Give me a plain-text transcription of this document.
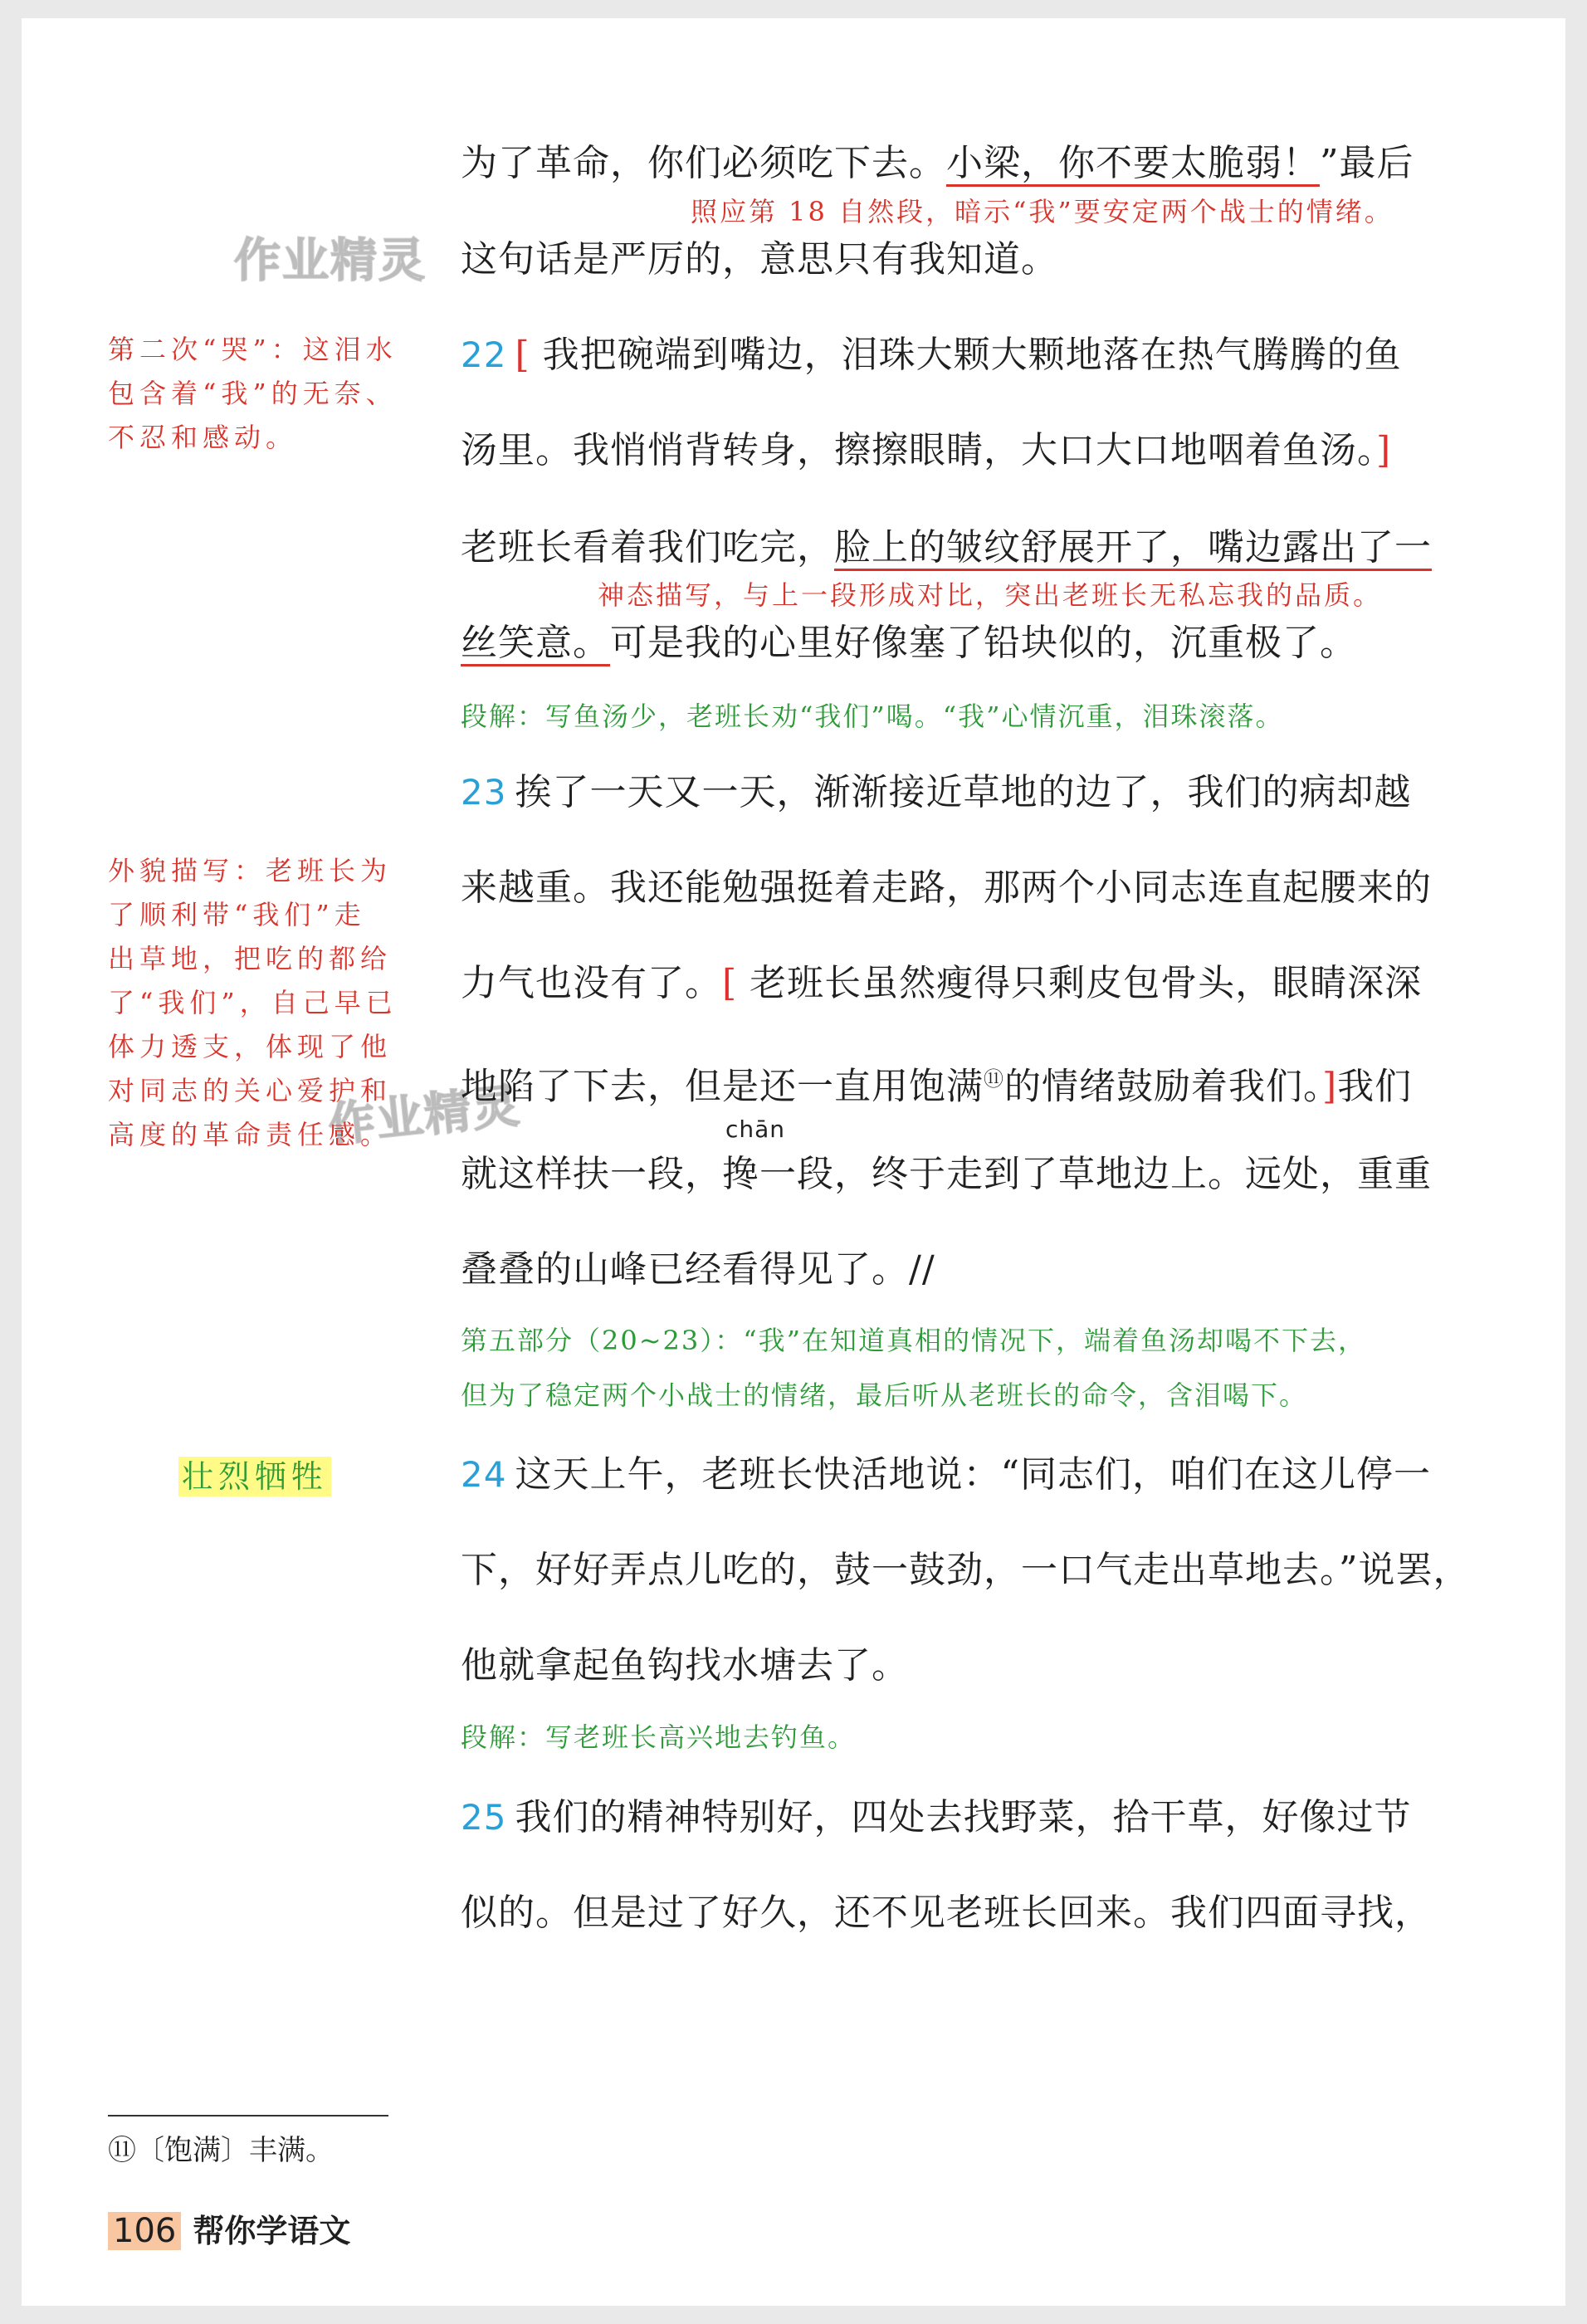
作业精灵
作业精灵
为了革命，你们必须吃下去。小梁，你不要太脆弱！”最后
照应第 18 自然段，暗示“我”要安定两个战士的情绪。
这句话是严厉的，意思只有我知道。
第二次“哭”：这泪水
包含着“我”的无奈、
不忍和感动。
22 [ 我把碗端到嘴边，泪珠大颗大颗地落在热气腾腾的鱼
汤里。我悄悄背转身，擦擦眼睛，大口大口地咽着鱼汤。]
老班长看着我们吃完，脸上的皱纹舒展开了，嘴边露出了一
神态描写，与上一段形成对比，突出老班长无私忘我的品质。
丝笑意。可是我的心里好像塞了铅块似的，沉重极了。
段解：写鱼汤少，老班长劝“我们”喝。“我”心情沉重，泪珠滚落。
外貌描写：老班长为
了顺利带“我们”走
出草地，把吃的都给
了“我们”，自己早已
体力透支，体现了他
对同志的关心爱护和
高度的革命责任感。
23 挨了一天又一天，渐渐接近草地的边了，我们的病却越
来越重。我还能勉强挺着走路，那两个小同志连直起腰来的
力气也没有了。[ 老班长虽然瘦得只剩皮包骨头，眼睛深深
地陷了下去，但是还一直用饱满⑪的情绪鼓励着我们。]我们
就这样扶一段，
chān
搀一段，终于走到了草地边上。远处，重重
叠叠的山峰已经看得见了。//
第五部分（20~23）：“我”在知道真相的情况下，端着鱼汤却喝不下去，
但为了稳定两个小战士的情绪，最后听从老班长的命令，含泪喝下。
壮烈牺牲	24 这天上午，老班长快活地说：“同志们，咱们在这儿停一
下，好好弄点儿吃的，鼓一鼓劲，一口气走出草地去。”说罢，
他就拿起鱼钩找水塘去了。
段解：写老班长高兴地去钓鱼。
25 我们的精神特别好，四处去找野菜，拾干草，好像过节
似的。但是过了好久，还不见老班长回来。我们四面寻找，
⑪〔饱满〕丰满。
106 帮你学语文
